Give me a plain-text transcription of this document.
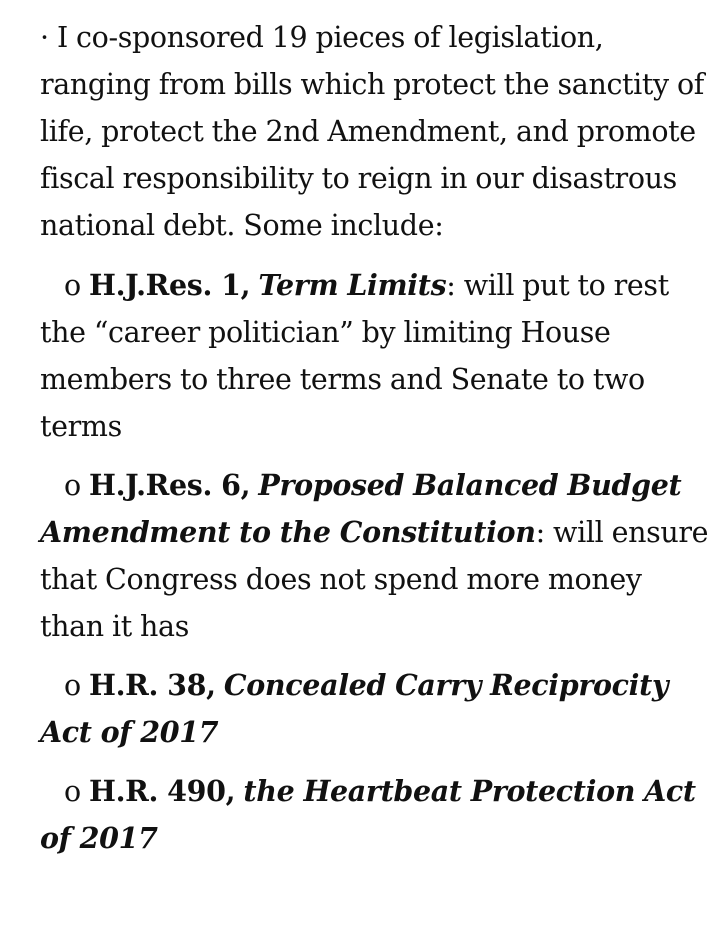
· I co-sponsored 19 pieces of legislation, ranging from bills which protect the sanctity of life, protect the 2nd Amendment, and promote fiscal responsibility to reign in our disastrous national debt. Some include:

o H.J.Res. 1, Term Limits: will put to rest the “career politician” by limiting House members to three terms and Senate to two terms

o H.J.Res. 6, Proposed Balanced Budget Amendment to the Constitution: will ensure that Congress does not spend more money than it has

o H.R. 38, Concealed Carry Reciprocity Act of 2017

o H.R. 490, the Heartbeat Protection Act of 2017
